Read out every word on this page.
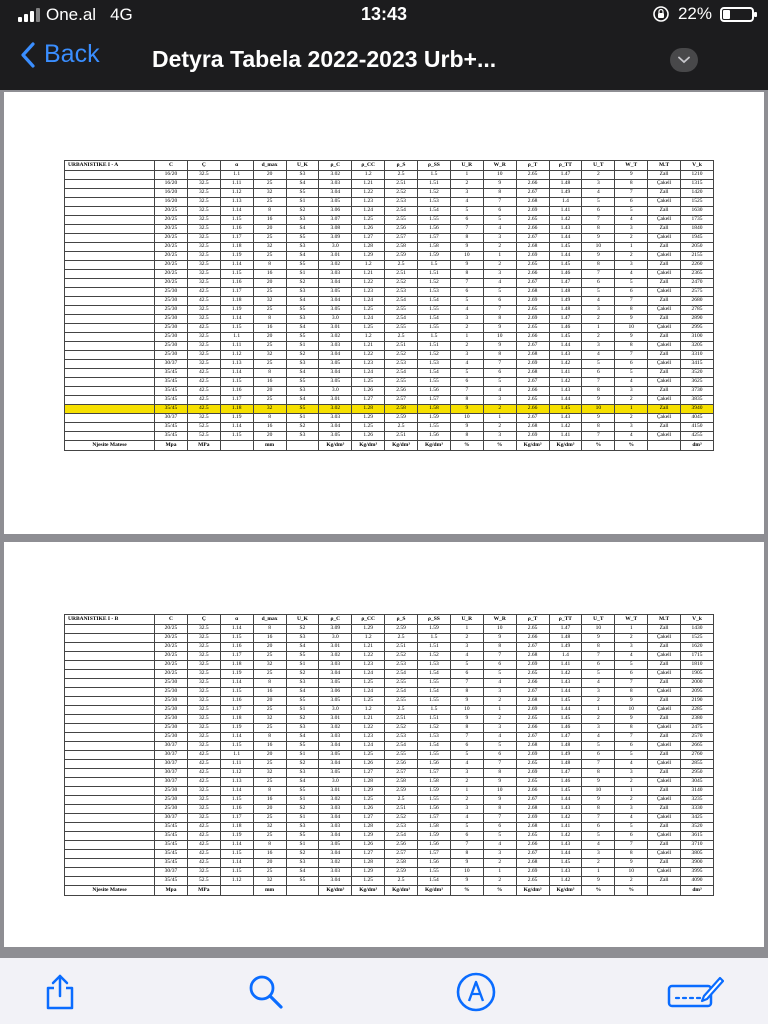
One.al 4G	13:43	22%
Back Detyra Tabela 2022-2023 Urb+...
URBANISTIKE I - A	C	Ç	α	d_max	U_K	ρ_C	ρ_CC	ρ_S	ρ_SS	U_R	W_R	ρ_T	ρ_TT	U_T	W_T	M.T	V_k
	16/20	32.5	1.1	20	S3	3.02	1.2	2.5	1.5	1	10	2.65	1.47	2	9	Zall	1210
	16/20	32.5	1.11	25	S4	3.03	1.21	2.51	1.51	2	9	2.66	1.48	3	8	Çakell	1315
	16/20	32.5	1.12	32	S5	3.04	1.22	2.52	1.52	3	8	2.67	1.49	4	7	Zall	1420
	16/20	32.5	1.13	25	S1	3.05	1.23	2.53	1.53	4	7	2.68	1.4	5	6	Çakell	1525
	20/25	32.5	1.14	8	S2	3.06	1.24	2.54	1.54	5	6	2.69	1.41	6	5	Zall	1630
	20/25	32.5	1.15	16	S3	3.07	1.25	2.55	1.55	6	5	2.65	1.42	7	4	Çakell	1735
	20/25	32.5	1.16	20	S4	3.08	1.26	2.56	1.56	7	4	2.66	1.43	8	3	Zall	1840
	20/25	32.5	1.17	25	S5	3.09	1.27	2.57	1.57	8	3	2.67	1.44	9	2	Çakell	1945
	20/25	32.5	1.18	32	S3	3.0	1.28	2.58	1.58	9	2	2.68	1.45	10	1	Zall	2050
	20/25	32.5	1.19	25	S4	3.01	1.29	2.59	1.59	10	1	2.69	1.44	9	2	Çakell	2155
	20/25	32.5	1.14	8	S5	3.02	1.2	2.5	1.5	9	2	2.65	1.45	8	3	Zall	2260
	20/25	32.5	1.15	16	S1	3.03	1.21	2.51	1.51	8	3	2.66	1.46	7	4	Çakell	2365
	20/25	32.5	1.16	20	S2	3.04	1.22	2.52	1.52	7	4	2.67	1.47	6	5	Zall	2470
	25/30	42.5	1.17	25	S3	3.05	1.23	2.53	1.53	6	5	2.68	1.48	5	6	Çakell	2575
	25/30	42.5	1.18	32	S4	3.04	1.24	2.54	1.54	5	6	2.69	1.49	4	7	Zall	2680
	25/30	32.5	1.19	25	S5	3.05	1.25	2.55	1.55	4	7	2.65	1.48	3	8	Çakell	2785
	25/30	32.5	1.14	8	S3	3.0	1.24	2.54	1.54	3	8	2.69	1.47	2	9	Zall	2890
	25/30	42.5	1.15	16	S4	3.01	1.25	2.55	1.55	2	9	2.65	1.46	1	10	Çakell	2995
	25/30	32.5	1.1	20	S5	3.02	1.2	2.5	1.5	1	10	2.66	1.45	2	9	Zall	3100
	25/30	32.5	1.11	25	S1	3.03	1.21	2.51	1.51	2	9	2.67	1.44	3	8	Çakell	3205
	25/30	32.5	1.12	32	S2	3.04	1.22	2.52	1.52	3	8	2.68	1.43	4	7	Zall	3310
	30/37	32.5	1.13	25	S3	3.05	1.23	2.53	1.53	4	7	2.69	1.42	5	6	Çakell	3415
	35/45	42.5	1.14	8	S4	3.04	1.24	2.54	1.54	5	6	2.68	1.41	6	5	Zall	3520
	35/45	42.5	1.15	16	S5	3.05	1.25	2.55	1.55	6	5	2.67	1.42	7	4	Çakell	3625
	35/45	42.5	1.16	20	S3	3.0	1.26	2.56	1.56	7	4	2.66	1.43	8	3	Zall	3730
	35/45	42.5	1.17	25	S4	3.01	1.27	2.57	1.57	8	3	2.65	1.44	9	2	Çakell	3835
	35/45	42.5	1.18	32	S5	3.02	1.28	2.58	1.58	9	2	2.66	1.45	10	1	Zall	3940
	30/37	32.5	1.19	8	S1	3.03	1.29	2.59	1.59	10	1	2.67	1.43	9	2	Çakell	4045
	35/45	52.5	1.14	16	S2	3.04	1.25	2.5	1.55	9	2	2.68	1.42	8	3	Zall	4150
	35/45	52.5	1.15	20	S3	3.05	1.26	2.51	1.56	8	3	2.69	1.41	7	4	Çakell	4255
Njesite Matese	Mpa	MPa		mm		Kg/dm³	Kg/dm³	Kg/dm³	Kg/dm³	%	%	Kg/dm³	Kg/dm³	%	%		dm³
URBANISTIKE I - B	C	Ç	α	d_max	U_K	ρ_C	ρ_CC	ρ_S	ρ_SS	U_R	W_R	ρ_T	ρ_TT	U_T	W_T	M.T	V_k
	20/25	32.5	1.14	8	S2	3.09	1.29	2.59	1.59	1	10	2.65	1.47	10	1	Zall	1430
	20/25	32.5	1.15	16	S3	3.0	1.2	2.5	1.5	2	9	2.66	1.48	9	2	Çakell	1525
	20/25	32.5	1.16	20	S4	3.01	1.21	2.51	1.51	3	8	2.67	1.49	8	3	Zall	1620
	20/25	32.5	1.17	25	S5	3.02	1.22	2.52	1.52	4	7	2.68	1.4	7	4	Çakell	1715
	20/25	32.5	1.18	32	S1	3.03	1.23	2.53	1.53	5	6	2.69	1.41	6	5	Zall	1810
	20/25	32.5	1.19	25	S2	3.04	1.24	2.54	1.54	6	5	2.65	1.42	5	6	Çakell	1905
	25/30	32.5	1.14	8	S3	3.05	1.25	2.55	1.55	7	4	2.66	1.43	4	7	Zall	2000
	25/30	32.5	1.15	16	S4	3.06	1.24	2.54	1.54	8	3	2.67	1.44	3	8	Çakell	2095
	25/30	32.5	1.16	20	S5	3.05	1.25	2.55	1.55	9	2	2.68	1.45	2	9	Zall	2190
	25/30	32.5	1.17	25	S1	3.0	1.2	2.5	1.5	10	1	2.69	1.44	1	10	Çakell	2285
	25/30	32.5	1.18	32	S2	3.01	1.21	2.51	1.51	9	2	2.65	1.45	2	9	Zall	2380
	25/30	32.5	1.19	25	S3	3.02	1.22	2.52	1.52	8	3	2.66	1.46	3	8	Çakell	2475
	25/30	32.5	1.14	8	S4	3.03	1.23	2.53	1.53	7	4	2.67	1.47	4	7	Zall	2570
	30/37	32.5	1.15	16	S5	3.04	1.24	2.54	1.54	6	5	2.68	1.48	5	6	Çakell	2665
	30/37	42.5	1.1	20	S1	3.05	1.25	2.55	1.55	5	6	2.69	1.49	6	5	Zall	2760
	30/37	42.5	1.11	25	S2	3.04	1.26	2.56	1.56	4	7	2.65	1.48	7	4	Çakell	2855
	30/37	42.5	1.12	32	S3	3.05	1.27	2.57	1.57	3	8	2.69	1.47	8	3	Zall	2950
	30/37	42.5	1.13	25	S4	3.0	1.28	2.58	1.58	2	9	2.65	1.46	9	2	Çakell	3045
	25/30	32.5	1.14	8	S5	3.01	1.29	2.59	1.59	1	10	2.66	1.45	10	1	Zall	3140
	25/30	32.5	1.15	16	S1	3.02	1.25	2.5	1.55	2	9	2.67	1.44	9	2	Çakell	3235
	25/30	32.5	1.16	20	S2	3.03	1.26	2.51	1.56	3	8	2.68	1.43	8	3	Zall	3330
	30/37	32.5	1.17	25	S1	3.04	1.27	2.52	1.57	4	7	2.69	1.42	7	4	Çakell	3425
	35/45	42.5	1.18	32	S3	3.03	1.28	2.53	1.58	5	6	2.68	1.41	6	5	Zall	3520
	35/45	42.5	1.19	25	S5	3.04	1.29	2.54	1.59	6	5	2.65	1.42	5	6	Çakell	3615
	35/45	42.5	1.14	8	S1	3.05	1.26	2.56	1.56	7	4	2.66	1.43	4	7	Zall	3710
	35/45	42.5	1.15	16	S2	3.04	1.27	2.57	1.57	8	3	2.67	1.44	3	8	Çakell	3805
	35/45	42.5	1.14	20	S3	3.02	1.28	2.58	1.56	9	2	2.68	1.45	2	9	Zall	3900
	30/37	32.5	1.15	25	S4	3.03	1.29	2.59	1.55	10	1	2.69	1.43	1	10	Çakell	3995
	35/45	52.5	1.12	32	S5	3.04	1.25	2.5	1.54	9	2	2.65	1.42	9	2	Zall	4090
Njesite Matese	Mpa	MPa		mm		Kg/dm³	Kg/dm³	Kg/dm³	Kg/dm³	%	%	Kg/dm³	Kg/dm³	%	%		dm³
